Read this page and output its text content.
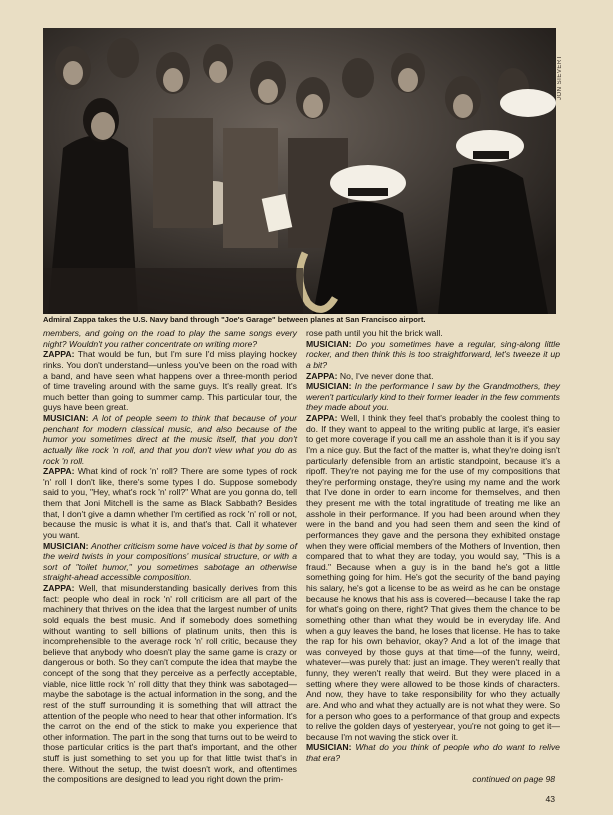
JON SIEVERT
Admiral Zappa takes the U.S. Navy band through "Joe's Garage" between planes at San Francisco airport.

members, and going on the road to play the same songs every night? Wouldn't you rather concentrate on writing more?

ZAPPA: That would be fun, but I'm sure I'd miss playing hockey rinks. You don't understand—unless you've been on the road with a band, and have seen what happens over a three-month period of time traveling around with the same guys. It's really great. It's much better than going to summer camp. This particular tour, the guys have been great.

MUSICIAN: A lot of people seem to think that because of your penchant for modern classical music, and also because of the humor you sometimes direct at the music itself, that you don't actually like rock 'n roll, and that you don't view what you do as rock 'n roll.

ZAPPA: What kind of rock 'n' roll? There are some types of rock 'n' roll I don't like, there's some types I do. Suppose somebody said to you, "Hey, what's rock 'n' roll?" What are you gonna do, tell them that Joni Mitchell is the same as Black Sabbath? Besides that, I don't give a damn whether I'm certified as rock 'n' roll or not, because the music is what it is, and that's that. Call it whatever you want.

MUSICIAN: Another criticism some have voiced is that by some of the weird twists in your compositions' musical structure, or with a sort of "toilet humor," you sometimes sabotage an otherwise straight-ahead accessible composition.

ZAPPA: Well, that misunderstanding basically derives from this fact: people who deal in rock 'n' roll criticism are all part of the machinery that thrives on the idea that the largest number of units sold equals the best music. And if somebody does something without wanting to sell billions of platinum units, then this is incomprehensible to the average rock 'n' roll critic, because they believe that anybody who doesn't play the same game is crazy or dangerous or both. So they can't compute the idea that maybe the concept of the song that they perceive as a perfectly acceptable, viable, nice little rock 'n' roll ditty that they think was sabotaged—maybe the sabotage is the actual information in the song, and the rest of the stuff surrounding it is something that will attract the attention of the people who need to hear that other information. It's the carrot on the end of the stick to make you experience that other information. The part in the song that turns out to be weird to those particular critics is the part that's important, and the other stuff is just something to set you up for that little twist that's in there. Without the setup, the twist doesn't work, and oftentimes the compositions are designed to lead you right down the prim-

rose path until you hit the brick wall.

MUSICIAN: Do you sometimes have a regular, sing-along little rocker, and then think this is too straightforward, let's tweeze it up a bit?

ZAPPA: No, I've never done that.

MUSICIAN: In the performance I saw by the Grandmothers, they weren't particularly kind to their former leader in the few comments they made about you.

ZAPPA: Well, I think they feel that's probably the coolest thing to do. If they want to appeal to the writing public at large, it's easier to get more coverage if you call me an asshole than it is if you say I'm a nice guy. But the fact of the matter is, what they're doing isn't particularly defensible from an artistic standpoint, because it's a ripoff. They're not paying me for the use of my compositions that they're performing onstage, they're using my name and the work that I've done in order to earn income for themselves, and then they present me with the total ingratitude of treating me like an asshole in their performance. If you had been around when they were in the band and you had seen them and seen the kind of performances they gave and the persona they exhibited onstage when they were official members of the Mothers of Invention, then compared that to what they are today, you would say, "This is a fraud." Because when a guy is in the band he's got a little something going for him. He's got the security of the band paying his salary, he's got a license to be as weird as he can be onstage because he knows that his ass is covered—because I take the rap for what's going on there, right? That gives them the chance to be something other than what they would be in everyday life. And when a guy leaves the band, he loses that license. He has to take the rap for his own behavior, okay? And a lot of the image that was conveyed by those guys at that time—of the funny, weird, whatever—was purely that: just an image. They weren't really that funny, they weren't really that weird. But they were placed in a setting where they were allowed to be those kinds of characters. And now, they have to take responsibility for who they actually are. And who and what they actually are is not what they were. So for a person who goes to a performance of that group and expects to relive the golden days of yesteryear, you're not going to get it—because I'm not waving the stick over it.

MUSICIAN: What do you think of people who do want to relive that era?

continued on page 98
43
